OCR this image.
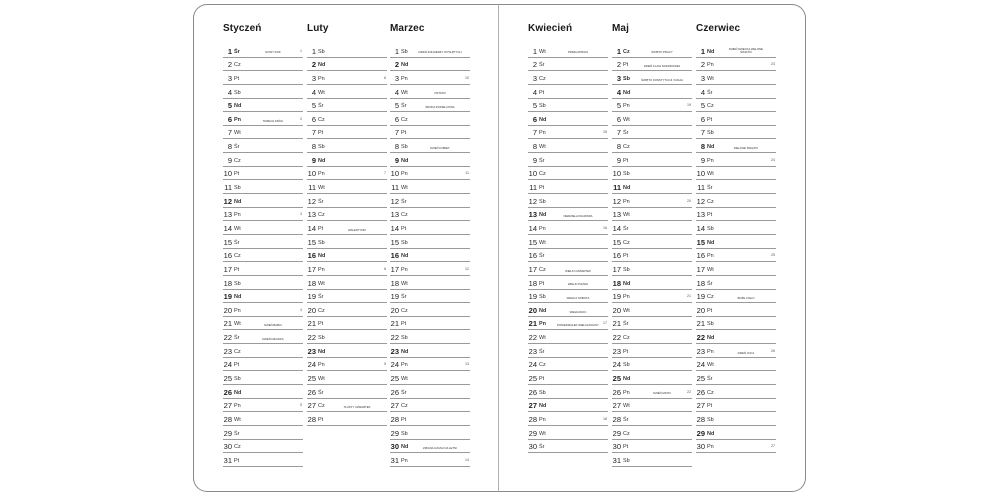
Styczeń
1 Śr	NOWY ROK	1
2 Cz
3 Pt
4 Sb
5 Nd
6 Pn	TRZECH KRÓLI	2
7 Wt
8 Śr
9 Cz
10 Pt
11 Sb
12 Nd
13 Pn	3
14 Wt
15 Śr
16 Cz
17 Pt
18 Sb
19 Nd
20 Pn	4
21 Wt	DZIEŃ BABCI
22 Śr	DZIEŃ DZIADKA
23 Cz
24 Pt
25 Sb
26 Nd
27 Pn	5
28 Wt
29 Śr
30 Cz
31 Pt
Luty
1 Sb
2 Nd
3 Pn	6
4 Wt
5 Śr
6 Cz
7 Pt
8 Sb
9 Nd
10 Pn	7
11 Wt
12 Śr
13 Cz
14 Pt	WALENTYNKI
15 Sb
16 Nd
17 Pn	8
18 Wt
19 Śr
20 Cz
21 Pt
22 Sb
23 Nd
24 Pn	9
25 Wt
26 Śr
27 Cz	TŁUSTY CZWARTEK
28 Pt
Marzec
1 Sb	DZIEŃ ŻOŁNIERZY WYKLĘTYCH
2 Nd
3 Pn	10
4 Wt	OSTATKI
5 Śr	ŚRODA POPIELCOWA
6 Cz
7 Pt
8 Sb	DZIEŃ KOBIET
9 Nd
10 Pn	11
11 Wt
12 Śr
13 Cz
14 Pt
15 Sb
16 Nd
17 Pn	12
18 Wt
19 Śr
20 Cz
21 Pt
22 Sb
23 Nd
24 Pn	13
25 Wt
26 Śr
27 Cz
28 Pt
29 Sb
30 Nd	ZMIANA CZASU NA LETNI
31 Pn	14
Kwiecień
1 Wt	PRIMA APRILIS
2 Śr
3 Cz
4 Pt
5 Sb
6 Nd
7 Pn	15
8 Wt
9 Śr
10 Cz
11 Pt
12 Sb
13 Nd	NIEDZIELA PALMOWA
14 Pn	16
15 Wt
16 Śr
17 Cz	WIELKI CZWARTEK
18 Pt	WIELKI PIĄTEK
19 Sb	WIELKA SOBOTA
20 Nd	WIELKANOC
21 Pn	PONIEDZIAŁEK WIELKANOCNY	17
22 Wt
23 Śr
24 Cz
25 Pt
26 Sb
27 Nd
28 Pn	18
29 Wt
30 Śr
Maj
1 Cz	ŚWIĘTO PRACY
2 Pt	DZIEŃ FLAGI NARODOWEJ
3 Sb	ŚWIĘTO KONSTYTUCJI 3 MAJA
4 Nd
5 Pn	19
6 Wt
7 Śr
8 Cz
9 Pt
10 Sb
11 Nd
12 Pn	20
13 Wt
14 Śr
15 Cz
16 Pt
17 Sb
18 Nd
19 Pn	21
20 Wt
21 Śr
22 Cz
23 Pt
24 Sb
25 Nd
26 Pn	DZIEŃ MATKI	22
27 Wt
28 Śr
29 Cz
30 Pt
31 Sb
Czerwiec
1 Nd	DZIEŃ DZIECKA ZIELONE ŚWIĄTKI
2 Pn	23
3 Wt
4 Śr
5 Cz
6 Pt
7 Sb
8 Nd	ZIELONE ŚWIĄTKI
9 Pn	24
10 Wt
11 Śr
12 Cz
13 Pt
14 Sb
15 Nd
16 Pn	25
17 Wt
18 Śr
19 Cz	BOŻE CIAŁO
20 Pt
21 Sb
22 Nd
23 Pn	DZIEŃ OJCA	26
24 Wt
25 Śr
26 Cz
27 Pt
28 Sb
29 Nd
30 Pn	27
